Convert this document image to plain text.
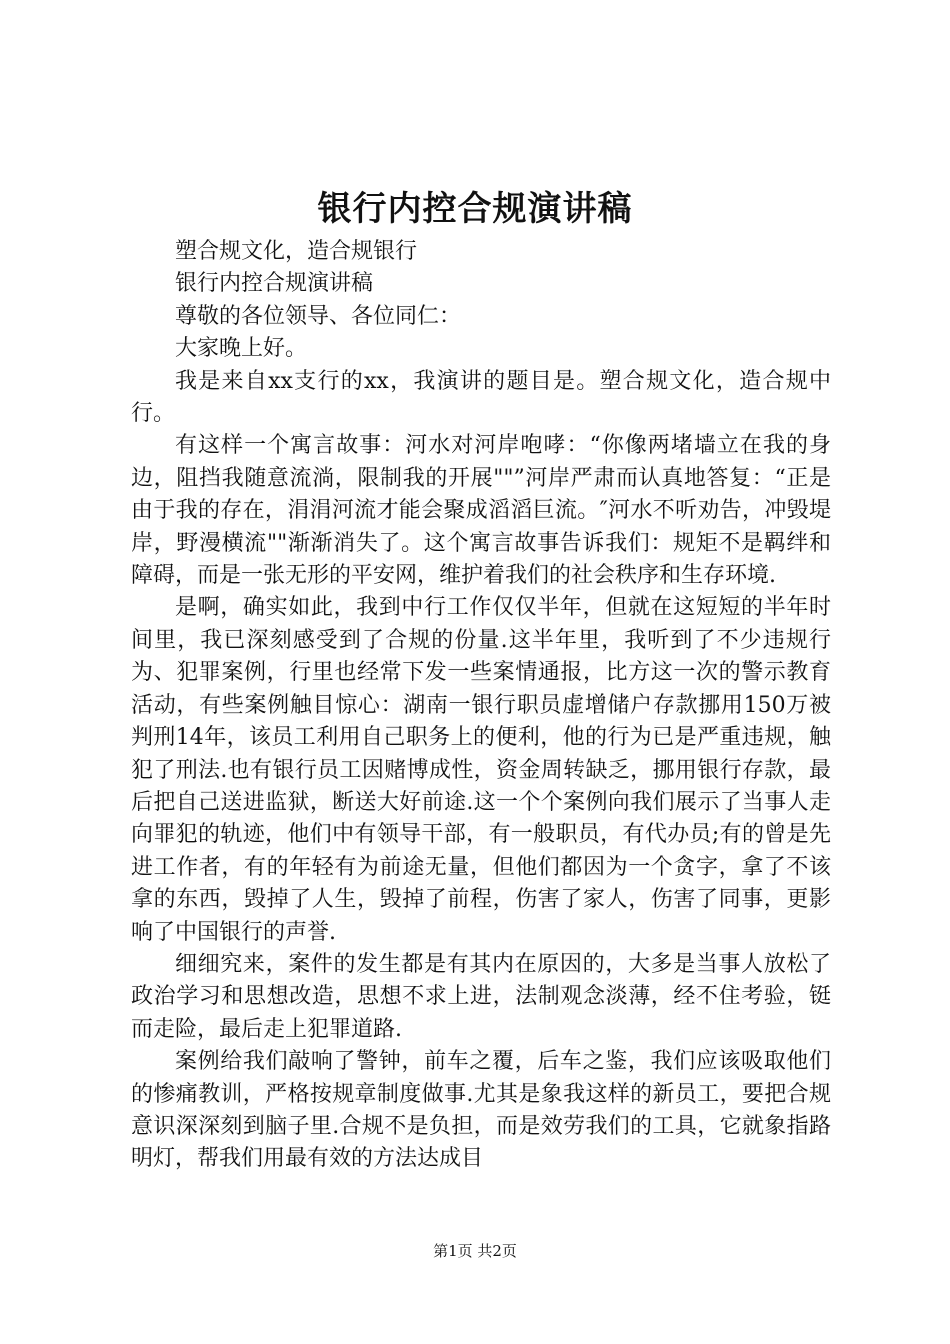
银行内控合规演讲稿

塑合规文化，造合规银行

银行内控合规演讲稿

尊敬的各位领导、各位同仁：

大家晚上好。

我是来自xx支行的xx，我演讲的题目是。塑合规文化，造合规中行。

有这样一个寓言故事：河水对河岸咆哮：“你像两堵墙立在我的身边，阻挡我随意流淌，限制我的开展""”河岸严肃而认真地答复：“正是由于我的存在，涓涓河流才能会聚成滔滔巨流。″河水不听劝告，冲毁堤岸，野漫横流""渐渐消失了。这个寓言故事告诉我们：规矩不是羁绊和障碍，而是一张无形的平安网，维护着我们的社会秩序和生存环境.

是啊，确实如此，我到中行工作仅仅半年，但就在这短短的半年时间里，我已深刻感受到了合规的份量.这半年里，我听到了不少违规行为、犯罪案例，行里也经常下发一些案情通报，比方这一次的警示教育活动，有些案例触目惊心：湖南一银行职员虚增储户存款挪用150万被判刑14年，该员工利用自己职务上的便利，他的行为已是严重违规，触犯了刑法.也有银行员工因赌博成性，资金周转缺乏，挪用银行存款，最后把自己送进监狱，断送大好前途.这一个个案例向我们展示了当事人走向罪犯的轨迹，他们中有领导干部，有一般职员，有代办员;有的曾是先进工作者，有的年轻有为前途无量，但他们都因为一个贪字，拿了不该拿的东西，毁掉了人生，毁掉了前程，伤害了家人，伤害了同事，更影响了中国银行的声誉.

细细究来，案件的发生都是有其内在原因的，大多是当事人放松了政治学习和思想改造，思想不求上进，法制观念淡薄，经不住考验，铤而走险，最后走上犯罪道路.

案例给我们敲响了警钟，前车之覆，后车之鉴，我们应该吸取他们的惨痛教训，严格按规章制度做事.尤其是象我这样的新员工，要把合规意识深深刻到脑子里.合规不是负担，而是效劳我们的工具，它就象指路明灯，帮我们用最有效的方法达成目

第1页 共2页
